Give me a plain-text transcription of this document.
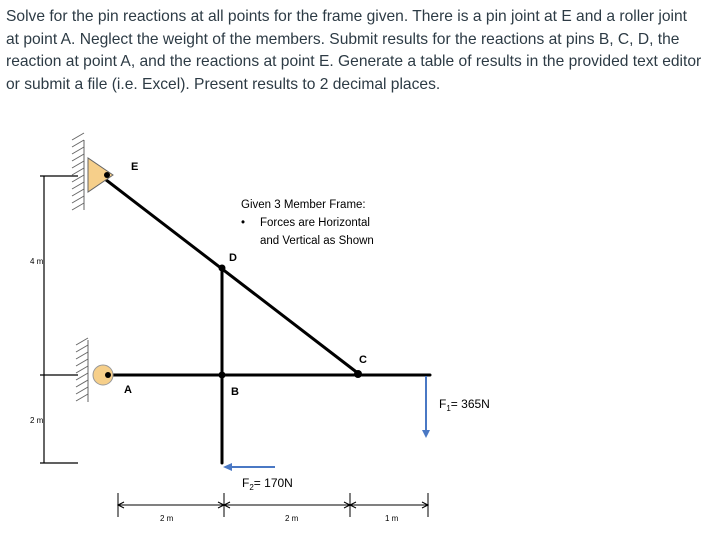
Solve for the pin reactions at all points for the frame given. There is a pin joint at E and a roller joint at point A. Neglect the weight of the members. Submit results for the reactions at pins B, C, D, the reaction at point A, and the reactions at point E. Generate a table of results in the provided text editor or submit a file (i.e. Excel). Present results to 2 decimal places.

E
A
D
B
C
Given 3 Member Frame:
• Forces are Horizontal
and Vertical as Shown
$F_1= 365N$
$F_2= 170N$
4 m
2 m
2 m	2 m	1 m
